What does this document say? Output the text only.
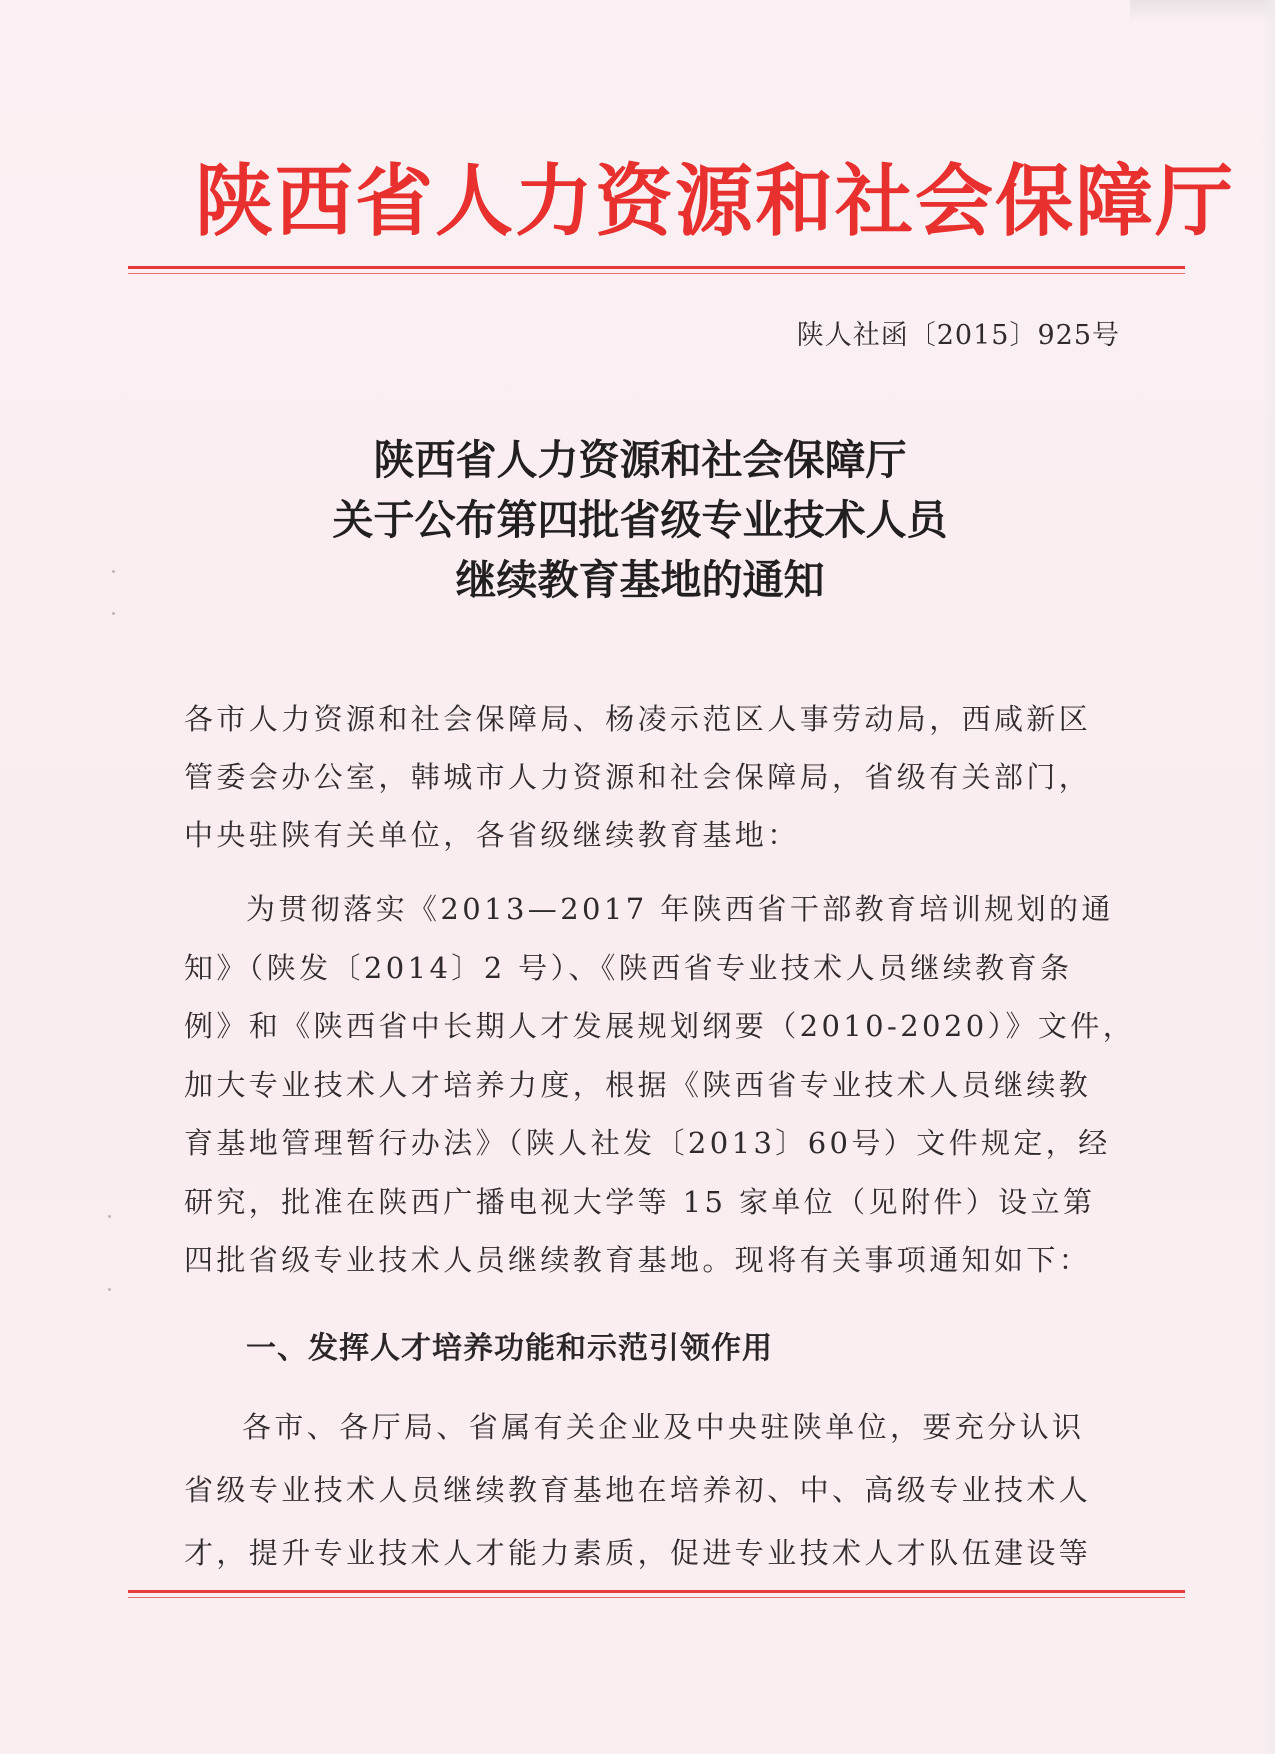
陕西省人力资源和社会保障厅
陕人社函〔2015〕925号
陕西省人力资源和社会保障厅
关于公布第四批省级专业技术人员
继续教育基地的通知
各市人力资源和社会保障局、杨凌示范区人事劳动局，西咸新区
管委会办公室，韩城市人力资源和社会保障局，省级有关部门，
中央驻陕有关单位，各省级继续教育基地：
为贯彻落实《2013—2017 年陕西省干部教育培训规划的通
知》（陕发〔2014〕2 号）、《陕西省专业技术人员继续教育条
例》和《陕西省中长期人才发展规划纲要（2010-2020）》文件，
加大专业技术人才培养力度，根据《陕西省专业技术人员继续教
育基地管理暂行办法》（陕人社发〔2013〕60号）文件规定，经
研究，批准在陕西广播电视大学等 15 家单位（见附件）设立第
四批省级专业技术人员继续教育基地。现将有关事项通知如下：
一、发挥人才培养功能和示范引领作用
各市、各厅局、省属有关企业及中央驻陕单位，要充分认识
省级专业技术人员继续教育基地在培养初、中、高级专业技术人
才，提升专业技术人才能力素质，促进专业技术人才队伍建设等
